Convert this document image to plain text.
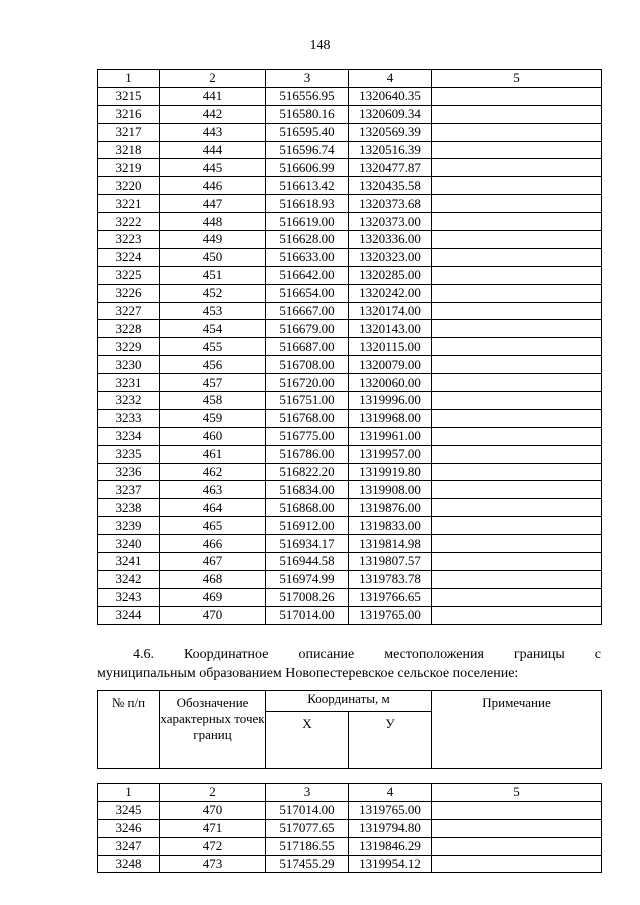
148
1	2	3	4	5
3215	441	516556.95	1320640.35	
3216	442	516580.16	1320609.34	
3217	443	516595.40	1320569.39	
3218	444	516596.74	1320516.39	
3219	445	516606.99	1320477.87	
3220	446	516613.42	1320435.58	
3221	447	516618.93	1320373.68	
3222	448	516619.00	1320373.00	
3223	449	516628.00	1320336.00	
3224	450	516633.00	1320323.00	
3225	451	516642.00	1320285.00	
3226	452	516654.00	1320242.00	
3227	453	516667.00	1320174.00	
3228	454	516679.00	1320143.00	
3229	455	516687.00	1320115.00	
3230	456	516708.00	1320079.00	
3231	457	516720.00	1320060.00	
3232	458	516751.00	1319996.00	
3233	459	516768.00	1319968.00	
3234	460	516775.00	1319961.00	
3235	461	516786.00	1319957.00	
3236	462	516822.20	1319919.80	
3237	463	516834.00	1319908.00	
3238	464	516868.00	1319876.00	
3239	465	516912.00	1319833.00	
3240	466	516934.17	1319814.98	
3241	467	516944.58	1319807.57	
3242	468	516974.99	1319783.78	
3243	469	517008.26	1319766.65	
3244	470	517014.00	1319765.00	
4.6. Координатное описание местоположения границы с
муниципальным образованием Новопестеревское сельское поселение:
№ п/п	Обозначение характерных точек границ	Координаты, м		Примечание
		X	У	
1	2	3	4	5
3245	470	517014.00	1319765.00	
3246	471	517077.65	1319794.80	
3247	472	517186.55	1319846.29	
3248	473	517455.29	1319954.12	
